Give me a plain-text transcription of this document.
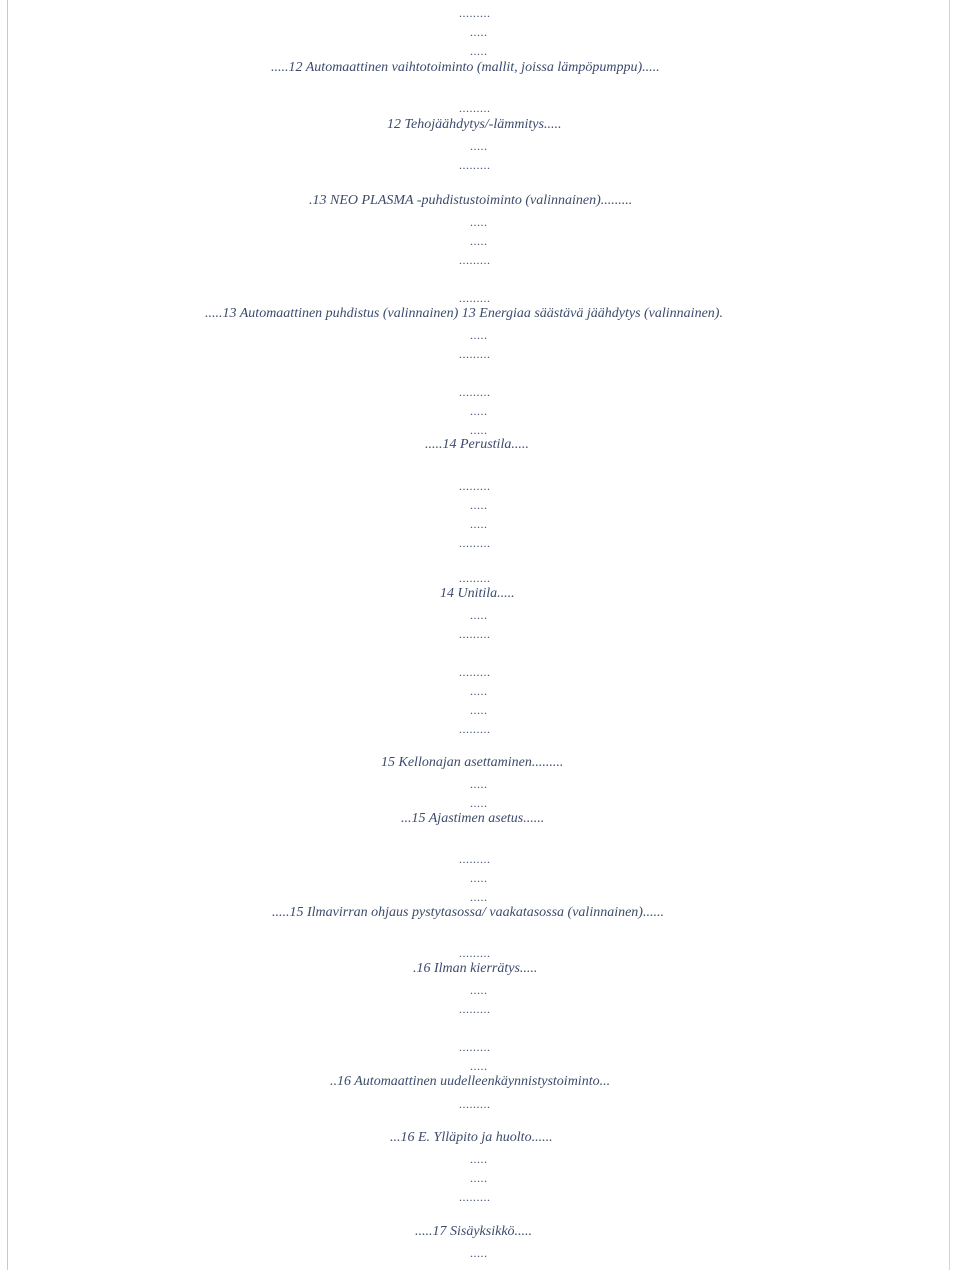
.........
.....
.....
.....12 Automaattinen vaihtotoiminto (mallit, joissa lämpöpumppu).....
.........
12 Tehojäähdytys/-lämmitys.....
.....
.........
.13 NEO PLASMA -puhdistustoiminto (valinnainen).........
.....
.....
.........
.........
.....13 Automaattinen puhdistus (valinnainen) 13 Energiaa säästävä jäähdytys (valinnainen).
.....
.........
.........
.....
.....
.....14 Perustila.....
.........
.....
.....
.........
.........
14 Unitila.....
.....
.........
.........
.....
.....
.........
15 Kellonajan asettaminen.........
.....
.....
...15 Ajastimen asetus......
.........
.....
.....
.....15 Ilmavirran ohjaus pystytasossa/ vaakatasossa (valinnainen)......
.........
.16 Ilman kierrätys.....
.....
.........
.........
.....
..16 Automaattinen uudelleenkäynnistystoiminto...
.........
...16 E. Ylläpito ja huolto......
.....
.....
.........
.....17 Sisäyksikkö.....
.....
